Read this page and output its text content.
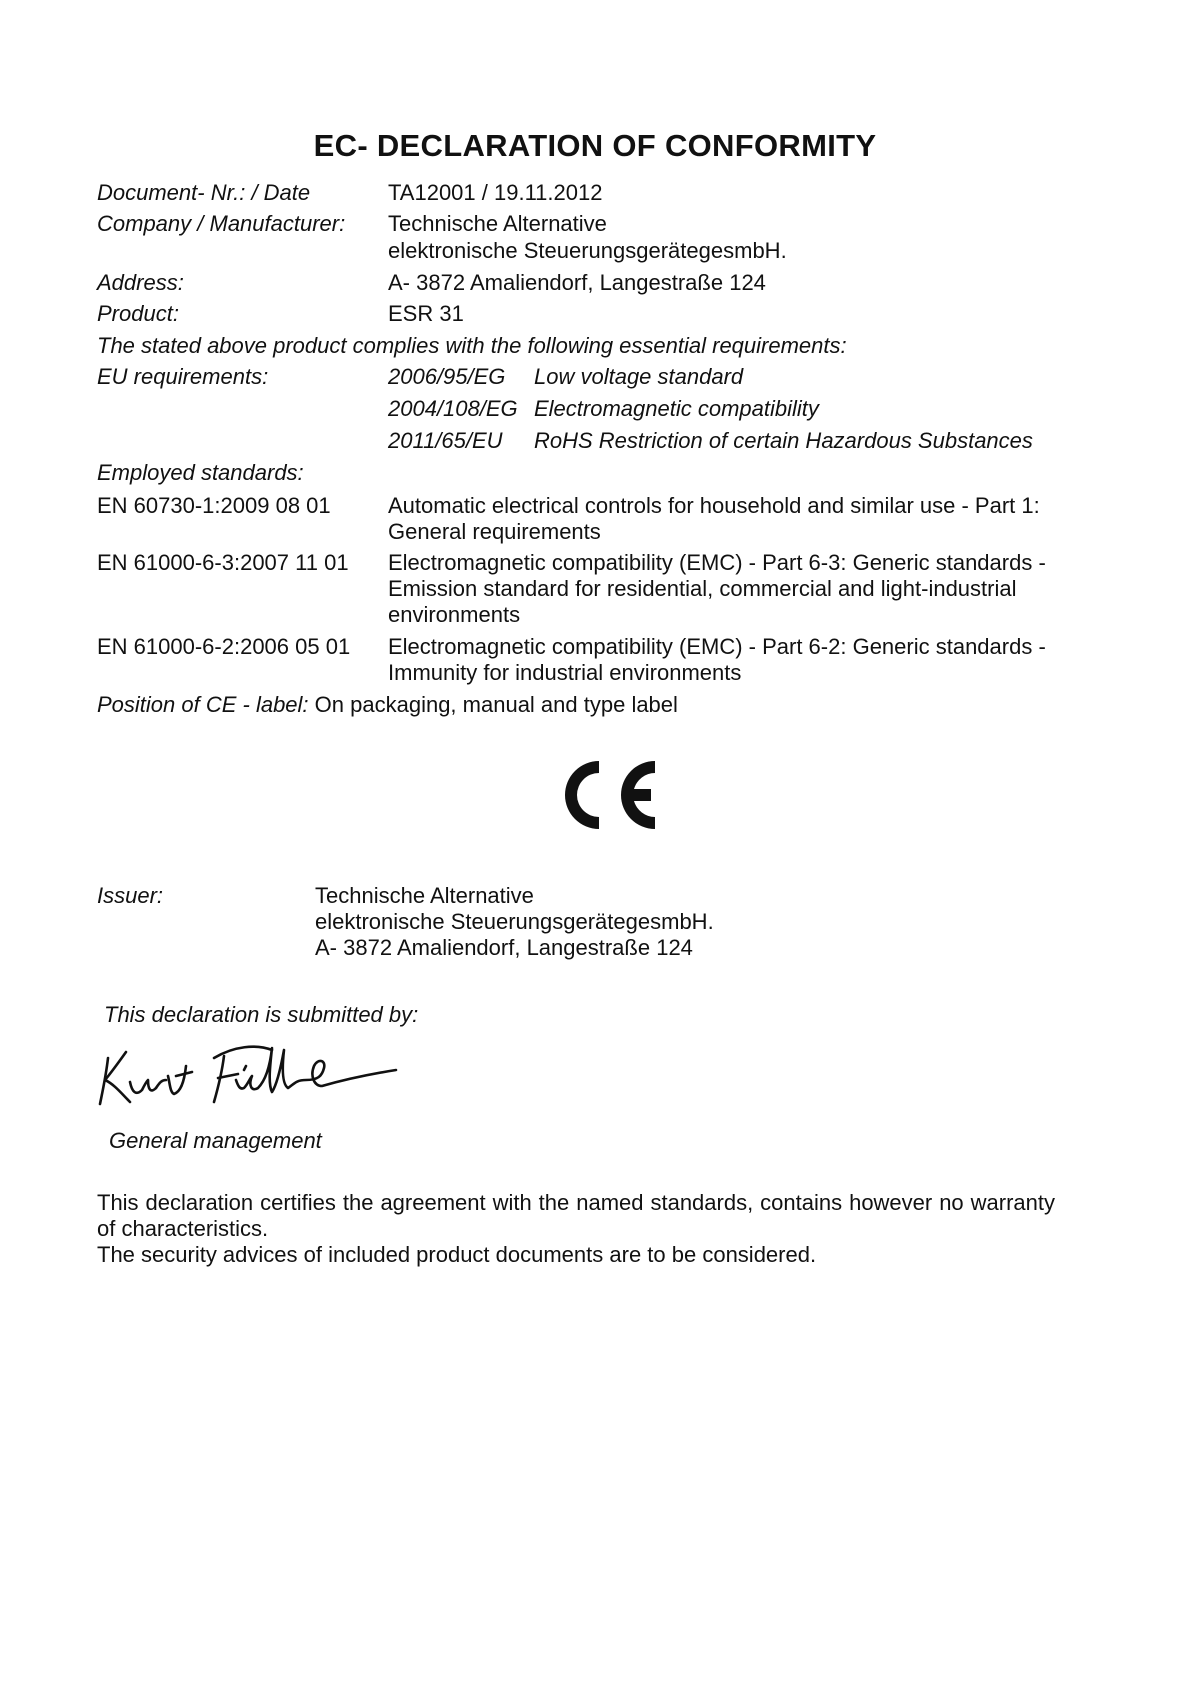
EC- DECLARATION OF CONFORMITY
Document- Nr.: / Date	TA12001 / 19.11.2012
Company / Manufacturer: Technische Alternative
elektronische SteuerungsgerätegesmbH.
Address:	A- 3872 Amaliendorf, Langestraße 124
Product:	ESR 31
The stated above product complies with the following essential requirements:
EU requirements:	2006/95/EG Low voltage standard
2004/108/EG Electromagnetic compatibility
2011/65/EU RoHS Restriction of certain Hazardous Substances
Employed standards:
EN 60730-1:2009 08 01	Automatic electrical controls for household and similar use - Part 1: General requirements
EN 61000-6-3:2007 11 01 Electromagnetic compatibility (EMC) - Part 6-3: Generic standards - Emission standard for residential, commercial and light-industrial environments
EN 61000-6-2:2006 05 01 Electromagnetic compatibility (EMC) - Part 6-2: Generic standards - Immunity for industrial environments
Position of CE - label: On packaging, manual and type label
Issuer:	Technische Alternative
elektronische SteuerungsgerätegesmbH.
A- 3872 Amaliendorf, Langestraße 124
This declaration is submitted by:
General management
This declaration certifies the agreement with the named standards, contains however no warranty of characteristics.
The security advices of included product documents are to be considered.
